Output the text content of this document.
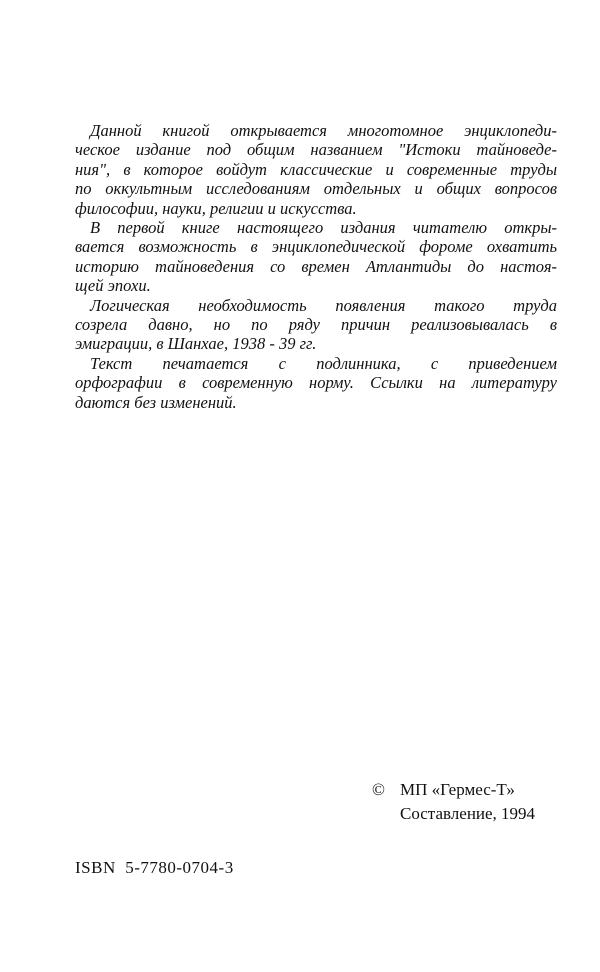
Данной книгой открывается многотомное энциклопеди-
ческое издание под общим названием "Истоки тайноведе-
ния", в которое войдут классические и современные труды
по оккультным исследованиям отдельных и общих вопросов
философии, науки, религии и искусства.
В первой книге настоящего издания читателю откры-
вается возможность в энциклопедической фороме охватить
историю тайноведения со времен Атлантиды до настоя-
щей эпохи.
Логическая необходимость появления такого труда
созрела давно, но по ряду причин реализовывалась в
эмиграции, в Шанхае, 1938 - 39 гг.
Текст печатается с подлинника, с приведением
орфографии в современную норму. Ссылки на литературу
даются без изменений.
© МП «Гермес-Т»
Составление, 1994
ISBN  5-7780-0704-3
